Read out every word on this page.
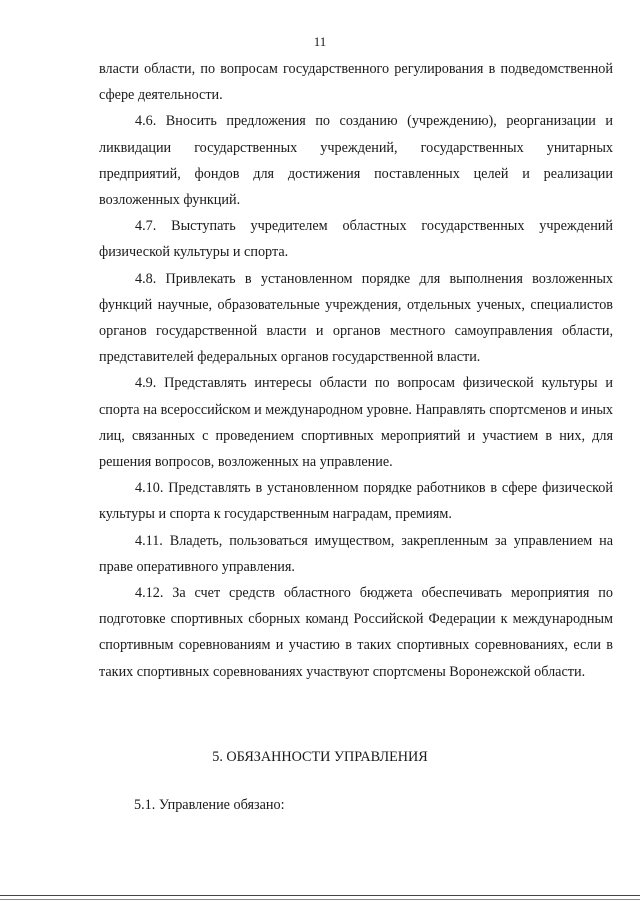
11

власти области, по вопросам государственного регулирования в подведомственной сфере деятельности.

4.6. Вносить предложения по созданию (учреждению), реорганизации и ликвидации государственных учреждений, государственных унитарных предприятий, фондов для достижения поставленных целей и реализации возложенных функций.

4.7. Выступать учредителем областных государственных учреждений физической культуры и спорта.

4.8. Привлекать в установленном порядке для выполнения возложенных функций научные, образовательные учреждения, отдельных ученых, специалистов органов государственной власти и органов местного самоуправления области, представителей федеральных органов государственной власти.

4.9. Представлять интересы области по вопросам физической культуры и спорта на всероссийском и международном уровне. Направлять спортсменов и иных лиц, связанных с проведением спортивных мероприятий и участием в них, для решения вопросов, возложенных на управление.

4.10. Представлять в установленном порядке работников в сфере физической культуры и спорта к государственным наградам, премиям.

4.11. Владеть, пользоваться имуществом, закрепленным за управлением на праве оперативного управления.

4.12. За счет средств областного бюджета обеспечивать мероприятия по подготовке спортивных сборных команд Российской Федерации к международным спортивным соревнованиям и участию в таких спортивных соревнованиях, если в таких спортивных соревнованиях участвуют спортсмены Воронежской области.

5. ОБЯЗАННОСТИ УПРАВЛЕНИЯ
5.1. Управление обязано:
